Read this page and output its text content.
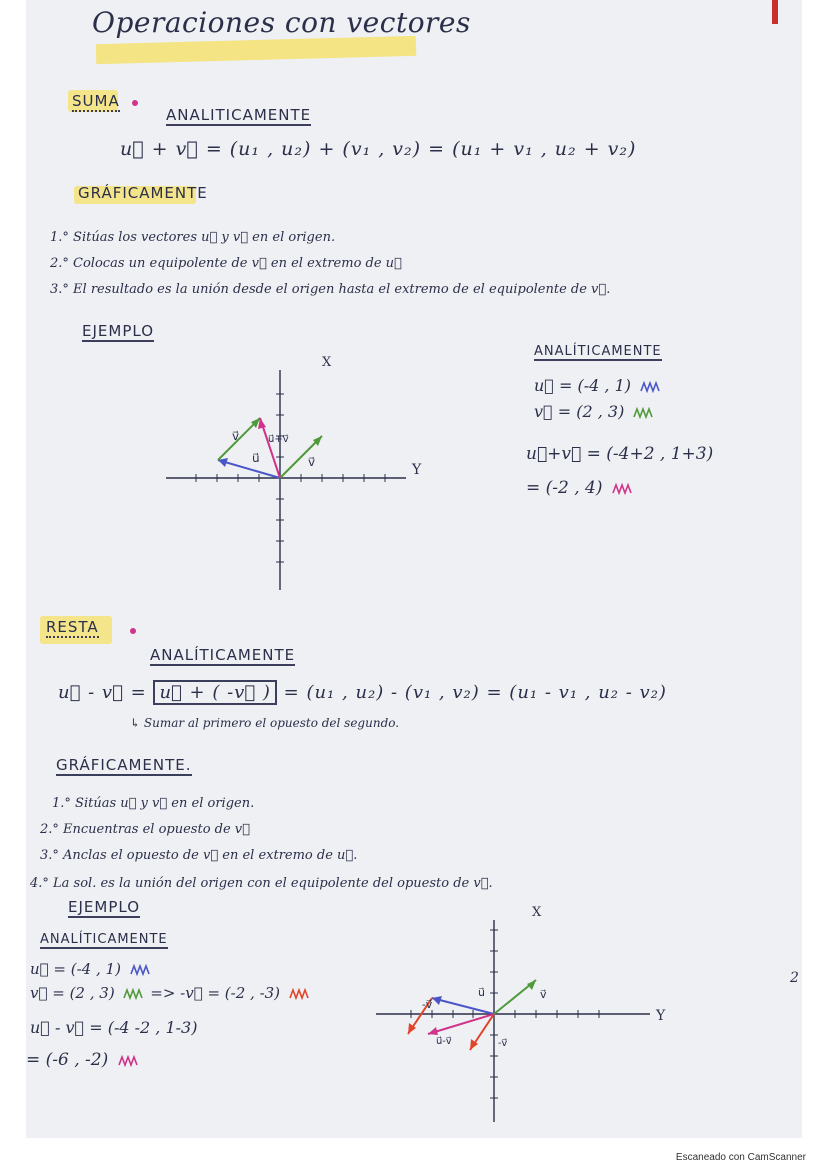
Operaciones con vectores
SUMA
ANALITICAMENTE
u⃗ + v⃗ = (u₁ , u₂) + (v₁ , v₂) = (u₁ + v₁ , u₂ + v₂)
GRÁFICAMENTE
1.° Sitúas los vectores u⃗ y v⃗ en el origen.
2.° Colocas un equipolente de v⃗ en el extremo de u⃗
3.° El resultado es la unión desde el origen hasta el extremo de el equipolente de v⃗.
EJEMPLO
X
Y
v⃗
u⃗
u⃗+v⃗
v⃗
ANALÍTICAMENTE
u⃗ = (-4 , 1)
v⃗ = (2 , 3)
u⃗+v⃗ = (-4+2 , 1+3)
= (-2 , 4)
RESTA
ANALÍTICAMENTE
u⃗ - v⃗ = u⃗ + ( -v⃗ ) = (u₁ , u₂) - (v₁ , v₂) = (u₁ - v₁ , u₂ - v₂)
↳ Sumar al primero el opuesto del segundo.
GRÁFICAMENTE.
1.° Sitúas u⃗ y v⃗ en el origen.
2.° Encuentras el opuesto de v⃗
3.° Anclas el opuesto de v⃗ en el extremo de u⃗.
4.° La sol. es la unión del origen con el equipolente del opuesto de v⃗.
EJEMPLO
ANALÍTICAMENTE
u⃗ = (-4 , 1)
v⃗ = (2 , 3) => -v⃗ = (-2 , -3)
u⃗ - v⃗ = (-4 -2 , 1-3)
= (-6 , -2)
X
Y
-v⃗
u⃗	v⃗
u⃗-v⃗	-v⃗
2
Escaneado con CamScanner
